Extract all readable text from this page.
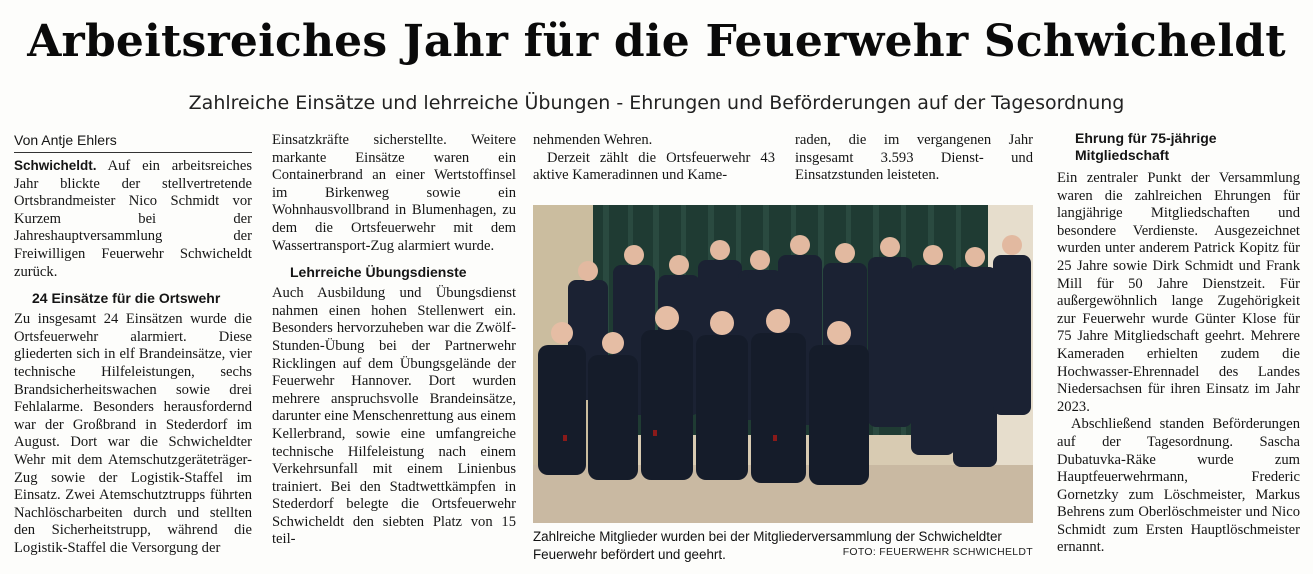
Arbeitsreiches Jahr für die Feuerwehr Schwicheldt
Zahlreiche Einsätze und lehrreiche Übungen - Ehrungen und Beförderungen auf der Tagesordnung
Von Antje Ehlers

Schwicheldt. Auf ein arbeitsreiches Jahr blickte der stellvertretende Ortsbrandmeister Nico Schmidt vor Kurzem bei der Jahreshauptversammlung der Freiwilligen Feuerwehr Schwicheldt zurück.

24 Einsätze für die Ortswehr

Zu insgesamt 24 Einsätzen wurde die Ortsfeuerwehr alarmiert. Diese gliederten sich in elf Brandeinsätze, vier technische Hilfeleistungen, sechs Brandsicherheitswachen sowie drei Fehlalarme. Besonders herausfordernd war der Großbrand in Stederdorf im August. Dort war die Schwicheldter Wehr mit dem Atemschutzgeräteträger-Zug sowie der Logistik-Staffel im Einsatz. Zwei Atemschutztrupps führten Nachlöscharbeiten durch und stellten den Sicherheitstrupp, während die Logistik-Staffel die Versorgung der

Einsatzkräfte sicherstellte. Weitere markante Einsätze waren ein Containerbrand an einer Wertstoffinsel im Birkenweg sowie ein Wohnhausvollbrand in Blumenhagen, zu dem die Ortsfeuerwehr mit dem Wassertransport-Zug alarmiert wurde.

Lehrreiche Übungsdienste

Auch Ausbildung und Übungsdienst nahmen einen hohen Stellenwert ein. Besonders hervorzuheben war die Zwölf-Stunden-Übung bei der Partnerwehr Ricklingen auf dem Übungsgelände der Feuerwehr Hannover. Dort wurden mehrere anspruchsvolle Brandeinsätze, darunter eine Menschenrettung aus einem Kellerbrand, sowie eine umfangreiche technische Hilfeleistung nach einem Verkehrsunfall mit einem Linienbus trainiert. Bei den Stadtwettkämpfen in Stederdorf belegte die Ortsfeuerwehr Schwicheldt den siebten Platz von 15 teil-

nehmenden Wehren.

Derzeit zählt die Ortsfeuerwehr 43 aktive Kameradinnen und Kame-

raden, die im vergangenen Jahr insgesamt 3.593 Dienst- und Einsatzstunden leisteten.

Ehrung für 75-jährige Mitgliedschaft

Ein zentraler Punkt der Versammlung waren die zahlreichen Ehrungen für langjährige Mitgliedschaften und besondere Verdienste. Ausgezeichnet wurden unter anderem Patrick Kopitz für 25 Jahre sowie Dirk Schmidt und Frank Mill für 50 Jahre Dienstzeit. Für außergewöhnlich lange Zugehörigkeit zur Feuerwehr wurde Günter Klose für 75 Jahre Mitgliedschaft geehrt. Mehrere Kameraden erhielten zudem die Hochwasser-Ehrennadel des Landes Niedersachsen für ihren Einsatz im Jahr 2023.

Abschließend standen Beförderungen auf der Tagesordnung. Sascha Dubatuvka-Räke wurde zum Hauptfeuerwehrmann, Frederic Gornetzky zum Löschmeister, Markus Behrens zum Oberlöschmeister und Nico Schmidt zum Ersten Hauptlöschmeister ernannt.

Zahlreiche Mitglieder wurden bei der Mitgliederversammlung der Schwicheldter Feuerwehr befördert und geehrt.	FOTO: FEUERWEHR SCHWICHELDT
